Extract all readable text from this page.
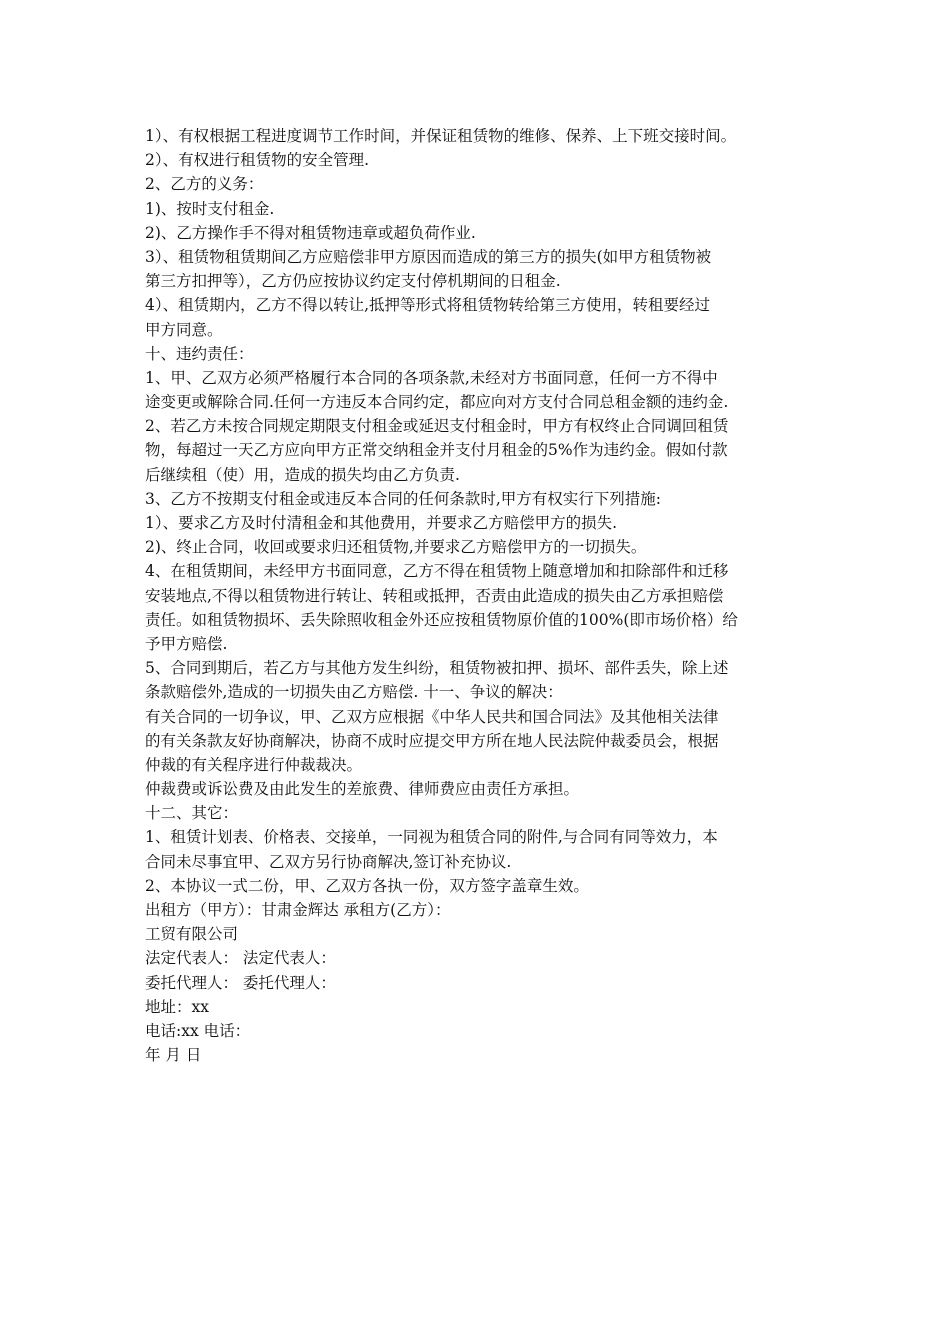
1）、有权根据工程进度调节工作时间，并保证租赁物的维修、保养、上下班交接时间。
2）、有权进行租赁物的安全管理.
2、乙方的义务：
1)、按时支付租金.
2)、乙方操作手不得对租赁物违章或超负荷作业.
3）、租赁物租赁期间乙方应赔偿非甲方原因而造成的第三方的损失(如甲方租赁物被
第三方扣押等），乙方仍应按协议约定支付停机期间的日租金.
4）、租赁期内，乙方不得以转让,抵押等形式将租赁物转给第三方使用，转租要经过
甲方同意。
十、违约责任：
1、甲、乙双方必须严格履行本合同的各项条款,未经对方书面同意，任何一方不得中
途变更或解除合同.任何一方违反本合同约定，都应向对方支付合同总租金额的违约金.
2、若乙方未按合同规定期限支付租金或延迟支付租金时，甲方有权终止合同调回租赁
物，每超过一天乙方应向甲方正常交纳租金并支付月租金的5%作为违约金。假如付款
后继续租（使）用，造成的损失均由乙方负责.
3、乙方不按期支付租金或违反本合同的任何条款时,甲方有权实行下列措施:
1）、要求乙方及时付清租金和其他费用，并要求乙方赔偿甲方的损失.
2)、终止合同，收回或要求归还租赁物,并要求乙方赔偿甲方的一切损失。
4、在租赁期间，未经甲方书面同意，乙方不得在租赁物上随意增加和扣除部件和迁移
安装地点,不得以租赁物进行转让、转租或抵押，否责由此造成的损失由乙方承担赔偿
责任。如租赁物损坏、丢失除照收租金外还应按租赁物原价值的100%(即市场价格）给
予甲方赔偿.
5、合同到期后，若乙方与其他方发生纠纷，租赁物被扣押、损坏、部件丢失，除上述
条款赔偿外,造成的一切损失由乙方赔偿. 十一、争议的解决：
有关合同的一切争议，甲、乙双方应根据《中华人民共和国合同法》及其他相关法律
的有关条款友好协商解决，协商不成时应提交甲方所在地人民法院仲裁委员会，根据
仲裁的有关程序进行仲裁裁决。
仲裁费或诉讼费及由此发生的差旅费、律师费应由责任方承担。
十二、其它：
1、租赁计划表、价格表、交接单，一同视为租赁合同的附件,与合同有同等效力，本
合同未尽事宜甲、乙双方另行协商解决,签订补充协议.
2、本协议一式二份，甲、乙双方各执一份，双方签字盖章生效。
出租方（甲方）：甘肃金辉达 承租方(乙方）：
工贸有限公司
法定代表人： 法定代表人：
委托代理人： 委托代理人：
地址：xx
电话:xx 电话：
年 月 日
